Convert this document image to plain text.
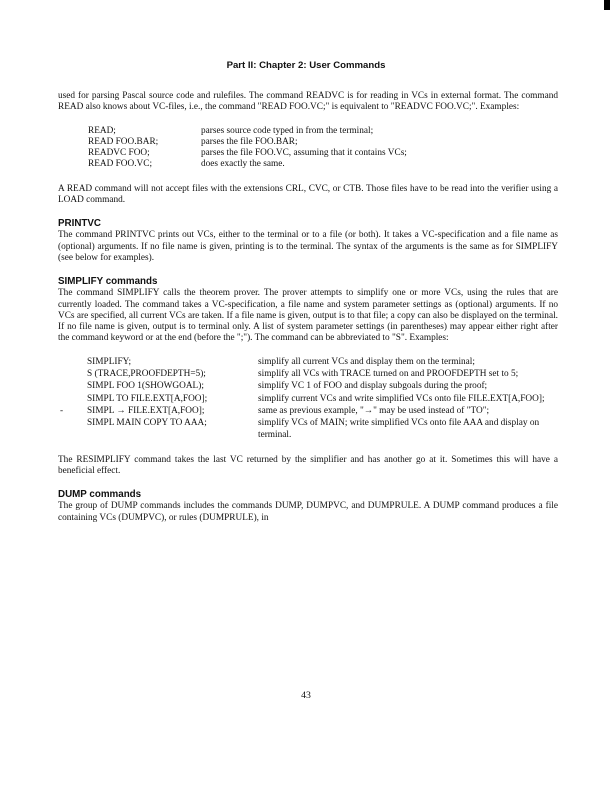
Part II: Chapter 2: User Commands

used for parsing Pascal source code and rulefiles. The command READVC is for reading in VCs in external format. The command READ also knows about VC-files, i.e., the command "READ FOO.VC;" is equivalent to "READVC FOO.VC;". Examples:

READ;	parses source code typed in from the terminal;
READ FOO.BAR;	parses the file FOO.BAR;
READVC FOO;	parses the file FOO.VC, assuming that it contains VCs;
READ FOO.VC;	does exactly the same.

A READ command will not accept files with the extensions CRL, CVC, or CTB. Those files have to be read into the verifier using a LOAD command.

PRINTVC

The command PRINTVC prints out VCs, either to the terminal or to a file (or both). It takes a VC-specification and a file name as (optional) arguments. If no file name is given, printing is to the terminal. The syntax of the arguments is the same as for SIMPLIFY (see below for examples).

SIMPLIFY commands

The command SIMPLIFY calls the theorem prover. The prover attempts to simplify one or more VCs, using the rules that are currently loaded. The command takes a VC-specification, a file name and system parameter settings as (optional) arguments. If no VCs are specified, all current VCs are taken. If a file name is given, output is to that file; a copy can also be displayed on the terminal. If no file name is given, output is to terminal only. A list of system parameter settings (in parentheses) may appear either right after the command keyword or at the end (before the ";"). The command can be abbreviated to "S". Examples:

SIMPLIFY;	simplify all current VCs and display them on the terminal;
S (TRACE,PROOFDEPTH=5);	simplify all VCs with TRACE turned on and PROOFDEPTH set to 5;
SIMPL FOO 1(SHOWGOAL);	simplify VC 1 of FOO and display subgoals during the proof;
SIMPL TO FILE.EXT[A,FOO];	simplify current VCs and write simplified VCs onto file FILE.EXT[A,FOO];

- SIMPL → FILE.EXT[A,FOO];	same as previous example, "→" may be used instead of "TO";
SIMPL MAIN COPY TO AAA;	simplify VCs of MAIN; write simplified VCs onto file AAA and display on terminal.

The RESIMPLIFY command takes the last VC returned by the simplifier and has another go at it. Sometimes this will have a beneficial effect.

DUMP commands

The group of DUMP commands includes the commands DUMP, DUMPVC, and DUMPRULE. A DUMP command produces a file containing VCs (DUMPVC), or rules (DUMPRULE), in

43
